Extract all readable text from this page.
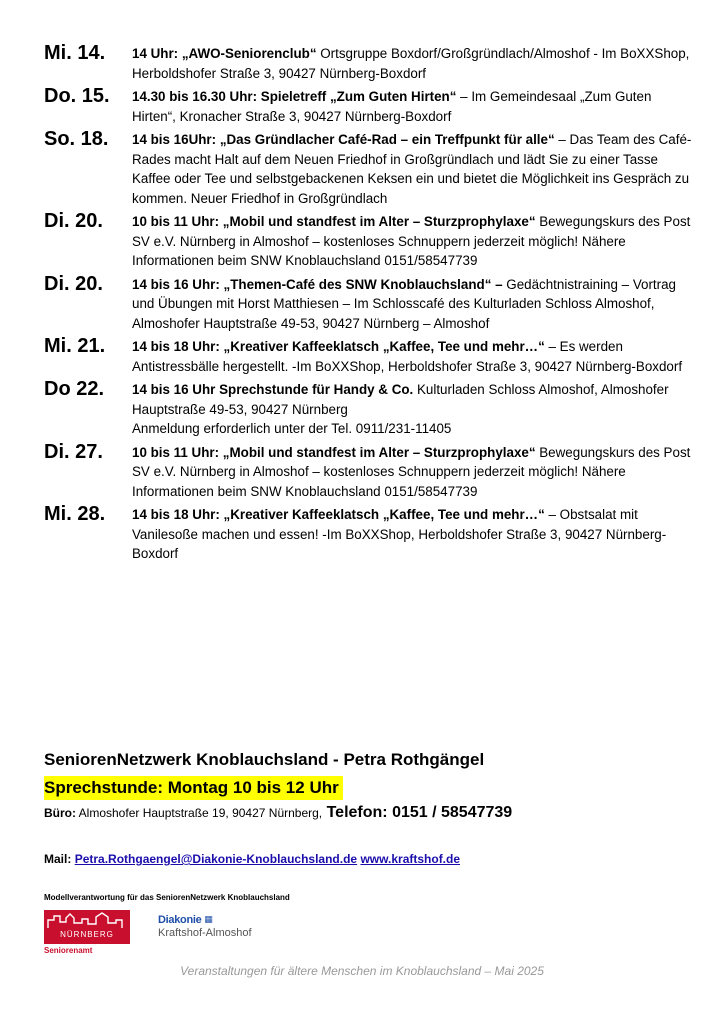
Mi. 14.	14 Uhr: „AWO-Seniorenclub“ Ortsgruppe Boxdorf/Großgründlach/Almoshof - Im BoXXShop, Herboldshofer Straße 3, 90427 Nürnberg-Boxdorf
Do. 15.	14.30 bis 16.30 Uhr: Spieletreff „Zum Guten Hirten“ – Im Gemeindesaal „Zum Guten Hirten“, Kronacher Straße 3, 90427 Nürnberg-Boxdorf
So. 18.	14 bis 16Uhr: „Das Gründlacher Café-Rad – ein Treffpunkt für alle“ – Das Team des Café-Rades macht Halt auf dem Neuen Friedhof in Großgründlach und lädt Sie zu einer Tasse Kaffee oder Tee und selbstgebackenen Keksen ein und bietet die Möglichkeit ins Gespräch zu kommen. Neuer Friedhof in Großgründlach
Di. 20.	10 bis 11 Uhr: „Mobil und standfest im Alter – Sturzprophylaxe“ Bewegungskurs des Post SV e.V. Nürnberg in Almoshof – kostenloses Schnuppern jederzeit möglich! Nähere Informationen beim SNW Knoblauchsland 0151/58547739
Di. 20.	14 bis 16 Uhr: „Themen-Café des SNW Knoblauchsland“ – Gedächtnistraining – Vortrag und Übungen mit Horst Matthiesen – Im Schlosscafé des Kulturladen Schloss Almoshof, Almoshofer Hauptstraße 49-53, 90427 Nürnberg – Almoshof
Mi. 21.	14 bis 18 Uhr: „Kreativer Kaffeeklatsch „Kaffee, Tee und mehr…“ – Es werden Antistressbälle hergestellt. -Im BoXXShop, Herboldshofer Straße 3, 90427 Nürnberg-Boxdorf
Do 22.	14 bis 16 Uhr Sprechstunde für Handy & Co. Kulturladen Schloss Almoshof, Almoshofer Hauptstraße 49-53, 90427 Nürnberg
Anmeldung erforderlich unter der Tel. 0911/231-11405
Di. 27.	10 bis 11 Uhr: „Mobil und standfest im Alter – Sturzprophylaxe“ Bewegungskurs des Post SV e.V. Nürnberg in Almoshof – kostenloses Schnuppern jederzeit möglich! Nähere Informationen beim SNW Knoblauchsland 0151/58547739
Mi. 28.	14 bis 18 Uhr: „Kreativer Kaffeeklatsch „Kaffee, Tee und mehr…“ – Obstsalat mit Vanilesoße machen und essen! -Im BoXXShop, Herboldshofer Straße 3, 90427 Nürnberg-Boxdorf
SeniorenNetzwerk Knoblauchsland - Petra Rothgängel
Sprechstunde: Montag 10 bis 12 Uhr
Büro: Almoshofer Hauptstraße 19, 90427 Nürnberg, Telefon: 0151 / 58547739
Mail: Petra.Rothgaengel@Diakonie-Knoblauchsland.de www.kraftshof.de
Modellverantwortung für das SeniorenNetzwerk Knoblauchsland
NÜRNBERG
Seniorenamt
Diakonie ▦
Kraftshof-Almoshof
Veranstaltungen für ältere Menschen im Knoblauchsland – Mai 2025
